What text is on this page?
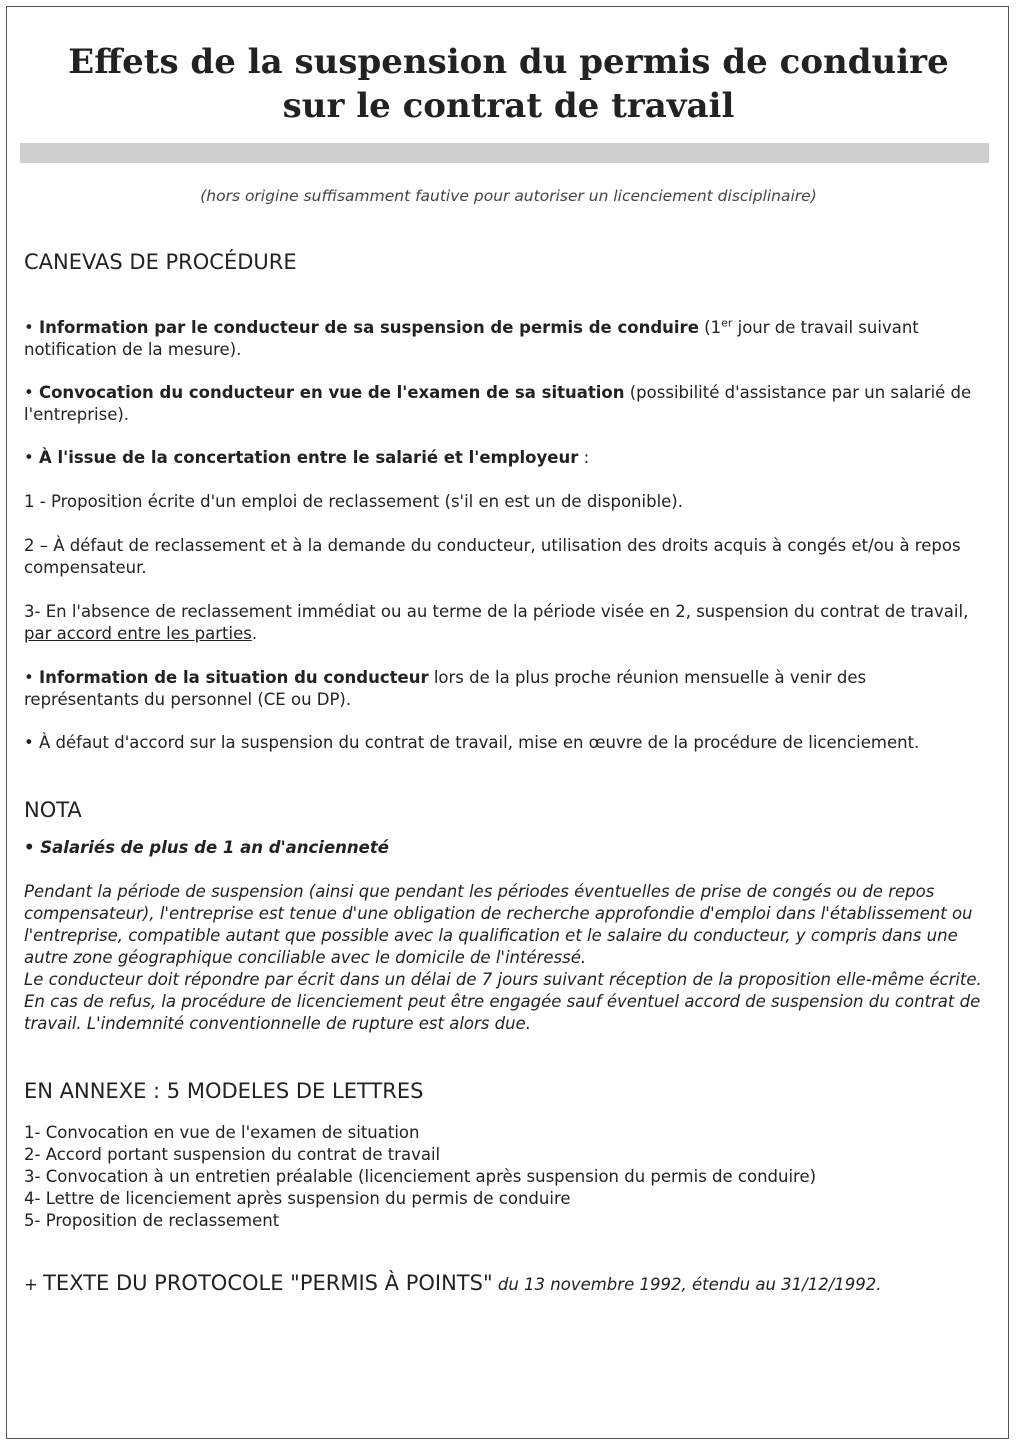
Effets de la suspension du permis de conduire
sur le contrat de travail
(hors origine suffisamment fautive pour autoriser un licenciement disciplinaire)
CANEVAS DE PROCÉDURE

• Information par le conducteur de sa suspension de permis de conduire (1er jour de travail suivant notification de la mesure).

• Convocation du conducteur en vue de l'examen de sa situation (possibilité d'assistance par un salarié de l'entreprise).

• À l'issue de la concertation entre le salarié et l'employeur :

1 - Proposition écrite d'un emploi de reclassement (s'il en est un de disponible).

2 – À défaut de reclassement et à la demande du conducteur, utilisation des droits acquis à congés et/ou à repos compensateur.

3- En l'absence de reclassement immédiat ou au terme de la période visée en 2, suspension du contrat de travail, par accord entre les parties.

• Information de la situation du conducteur lors de la plus proche réunion mensuelle à venir des représentants du personnel (CE ou DP).

• À défaut d'accord sur la suspension du contrat de travail, mise en œuvre de la procédure de licenciement.

NOTA

• Salariés de plus de 1 an d'ancienneté

Pendant la période de suspension (ainsi que pendant les périodes éventuelles de prise de congés ou de repos compensateur), l'entreprise est tenue d'une obligation de recherche approfondie d'emploi dans l'établissement ou l'entreprise, compatible autant que possible avec la qualification et le salaire du conducteur, y compris dans une autre zone géographique conciliable avec le domicile de l'intéressé.

Le conducteur doit répondre par écrit dans un délai de 7 jours suivant réception de la proposition elle-même écrite.

En cas de refus, la procédure de licenciement peut être engagée sauf éventuel accord de suspension du contrat de travail. L'indemnité conventionnelle de rupture est alors due.

EN ANNEXE : 5 MODELES DE LETTRES

1- Convocation en vue de l'examen de situation

2- Accord portant suspension du contrat de travail

3- Convocation à un entretien préalable (licenciement après suspension du permis de conduire)

4- Lettre de licenciement après suspension du permis de conduire

5- Proposition de reclassement

+ TEXTE DU PROTOCOLE "PERMIS À POINTS" du 13 novembre 1992, étendu au 31/12/1992.
